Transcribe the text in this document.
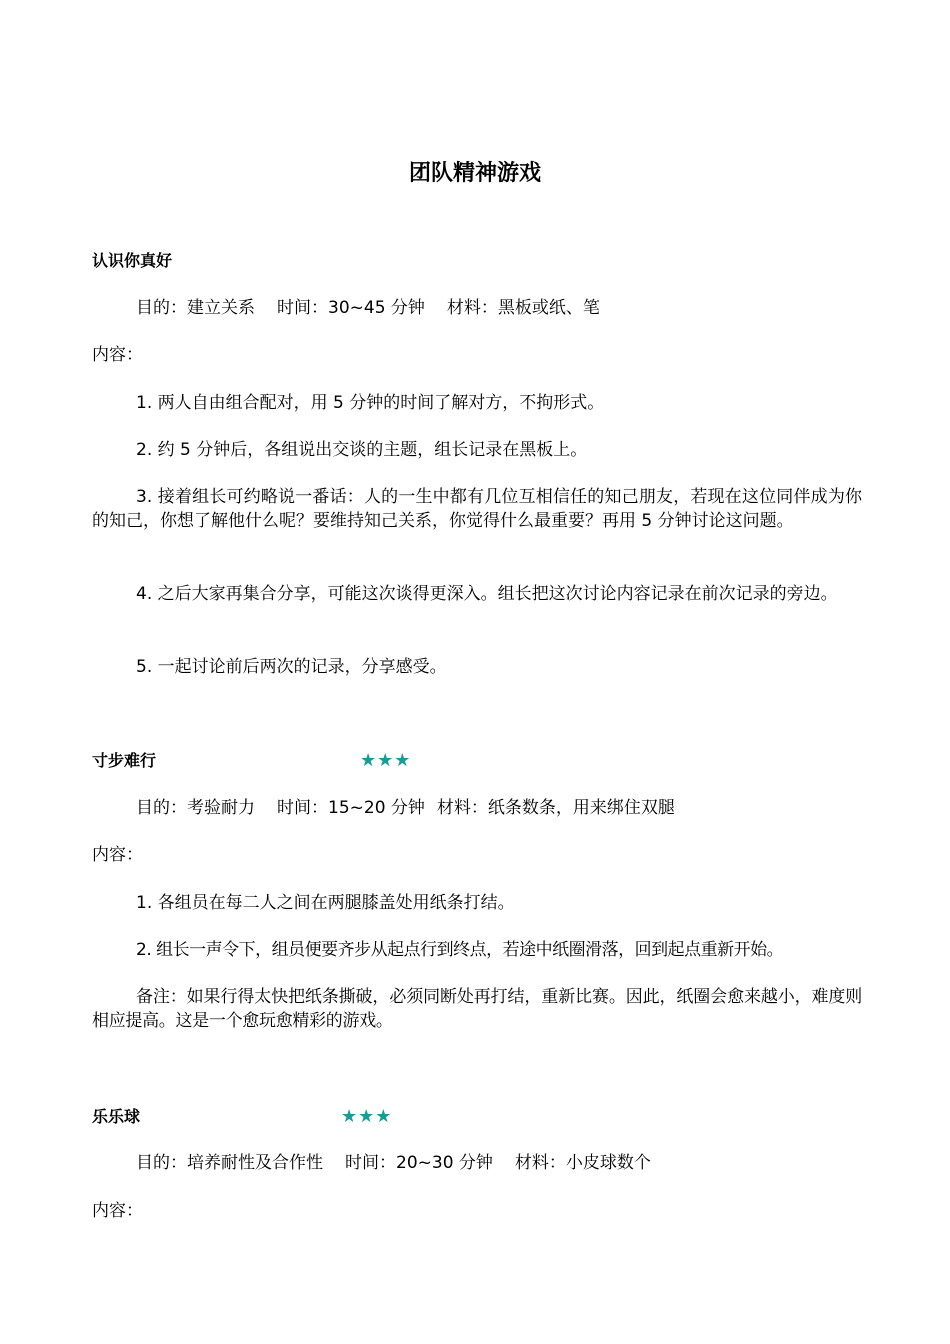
团队精神游戏
认识你真好
目的：建立关系 时间：30~45 分钟 材料：黑板或纸、笔
内容：
1. 两人自由组合配对，用 5 分钟的时间了解对方，不拘形式。
2. 约 5 分钟后，各组说出交谈的主题，组长记录在黑板上。
3. 接着组长可约略说一番话：人的一生中都有几位互相信任的知己朋友，若现在这位同伴成为你的知己，你想了解他什么呢？要维持知己关系，你觉得什么最重要？再用 5 分钟讨论这问题。
4. 之后大家再集合分享，可能这次谈得更深入。组长把这次讨论内容记录在前次记录的旁边。
5. 一起讨论前后两次的记录，分享感受。
寸步难行	★★★
目的：考验耐力 时间：15~20 分钟 材料：纸条数条，用来绑住双腿
内容：
1. 各组员在每二人之间在两腿膝盖处用纸条打结。
2. 组长一声令下，组员便要齐步从起点行到终点，若途中纸圈滑落，回到起点重新开始。
备注：如果行得太快把纸条撕破，必须同断处再打结，重新比赛。因此，纸圈会愈来越小，难度则相应提高。这是一个愈玩愈精彩的游戏。
乐乐球	★★★
目的：培养耐性及合作性 时间：20~30 分钟 材料：小皮球数个
内容：
